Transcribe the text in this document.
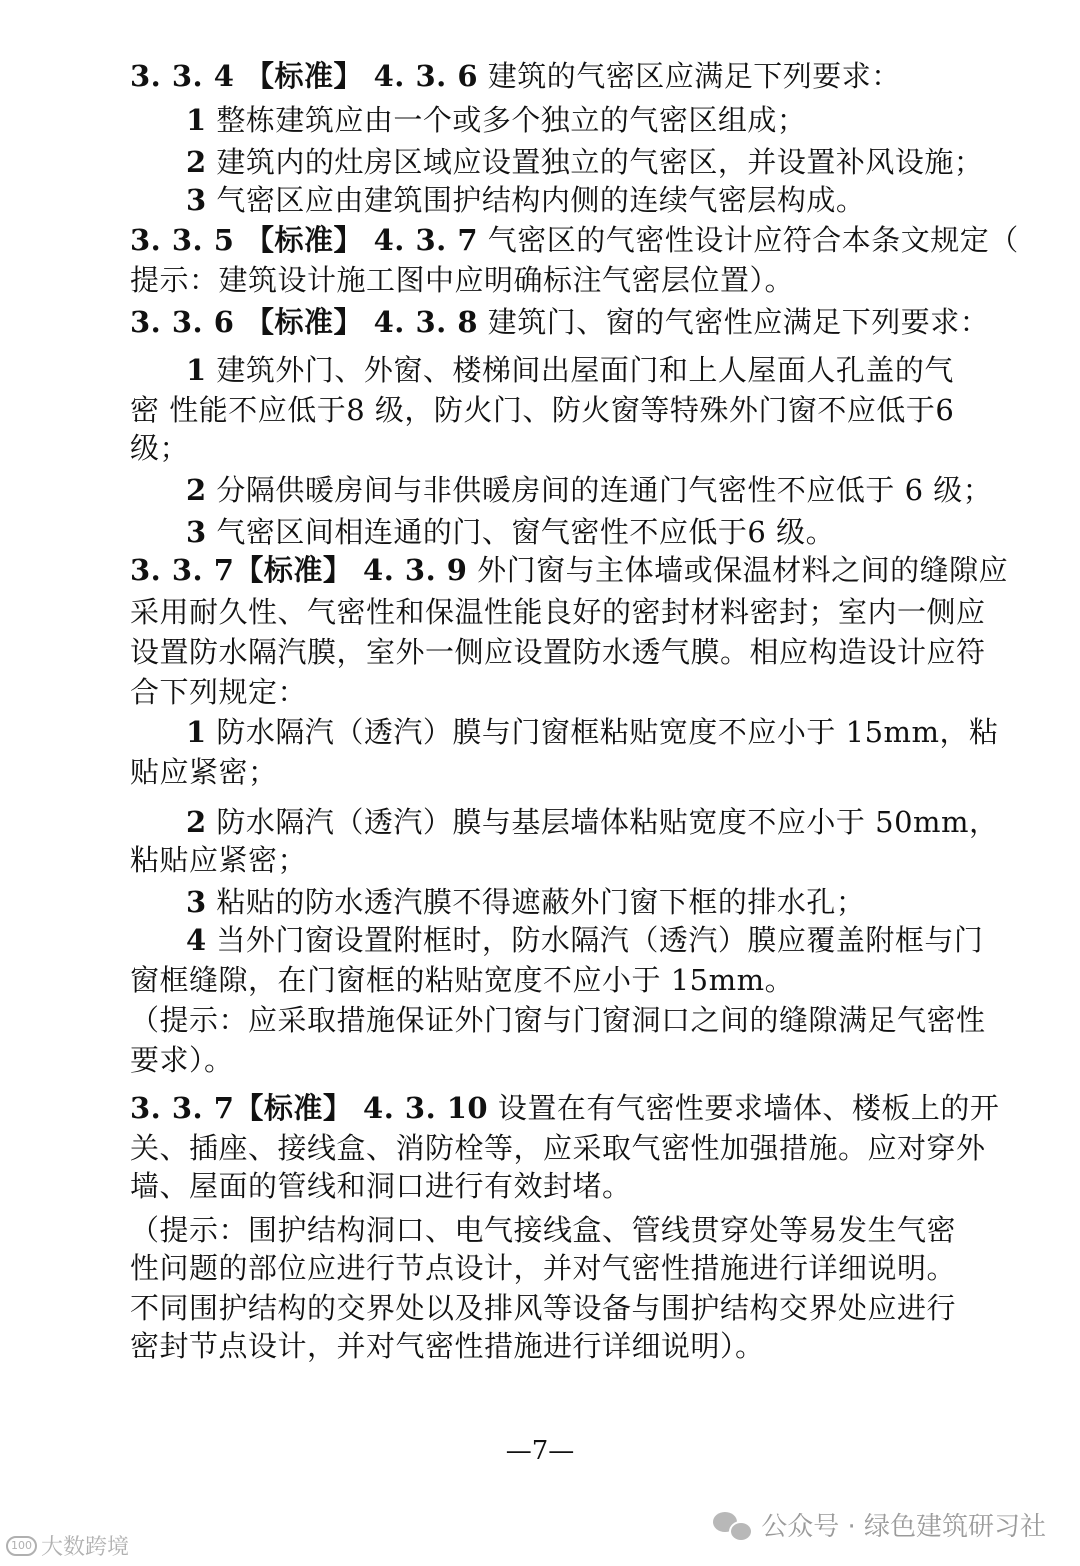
3. 3. 4 【标准】 4. 3. 6 建筑的气密区应满足下列要求：
1 整栋建筑应由一个或多个独立的气密区组成；
2 建筑内的灶房区域应设置独立的气密区，并设置补风设施；
3 气密区应由建筑围护结构内侧的连续气密层构成。
3. 3. 5 【标准】 4. 3. 7 气密区的气密性设计应符合本条文规定（
提示：建筑设计施工图中应明确标注气密层位置）。
3. 3. 6 【标准】 4. 3. 8 建筑门、窗的气密性应满足下列要求：
1 建筑外门、外窗、楼梯间出屋面门和上人屋面人孔盖的气
密 性能不应低于8 级，防火门、防火窗等特殊外门窗不应低于6
级；
2 分隔供暖房间与非供暖房间的连通门气密性不应低于 6 级；
3 气密区间相连通的门、窗气密性不应低于6 级。
3. 3. 7【标准】 4. 3. 9 外门窗与主体墙或保温材料之间的缝隙应
采用耐久性、气密性和保温性能良好的密封材料密封；室内一侧应
设置防水隔汽膜，室外一侧应设置防水透气膜。相应构造设计应符
合下列规定：
1 防水隔汽（透汽）膜与门窗框粘贴宽度不应小于 15mm，粘
贴应紧密；
2 防水隔汽（透汽）膜与基层墙体粘贴宽度不应小于 50mm，
粘贴应紧密；
3 粘贴的防水透汽膜不得遮蔽外门窗下框的排水孔；
4 当外门窗设置附框时，防水隔汽（透汽）膜应覆盖附框与门
窗框缝隙，在门窗框的粘贴宽度不应小于 15mm。
（提示：应采取措施保证外门窗与门窗洞口之间的缝隙满足气密性
要求）。
3. 3. 7【标准】 4. 3. 10 设置在有气密性要求墙体、楼板上的开
关、插座、接线盒、消防栓等，应采取气密性加强措施。应对穿外
墙、屋面的管线和洞口进行有效封堵。
（提示：围护结构洞口、电气接线盒、管线贯穿处等易发生气密
性问题的部位应进行节点设计，并对气密性措施进行详细说明。
不同围护结构的交界处以及排风等设备与围护结构交界处应进行
密封节点设计，并对气密性措施进行详细说明）。
—7—
公众号 · 绿色建筑研习社
100 大数跨境
